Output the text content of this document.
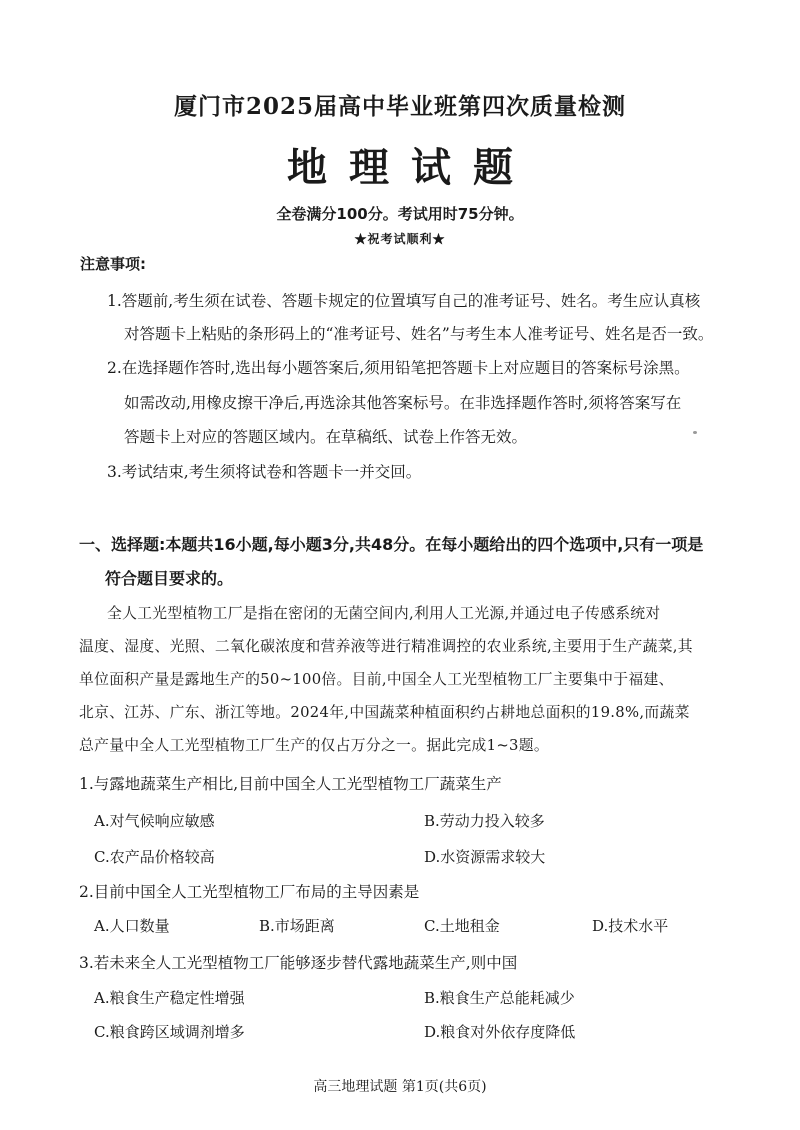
厦门市2025届高中毕业班第四次质量检测
地理试题
全卷满分100分。考试用时75分钟。
★祝考试顺利★
注意事项:
1.答题前,考生须在试卷、答题卡规定的位置填写自己的准考证号、姓名。考生应认真核
对答题卡上粘贴的条形码上的“准考证号、姓名”与考生本人准考证号、姓名是否一致。
2.在选择题作答时,选出每小题答案后,须用铅笔把答题卡上对应题目的答案标号涂黑。
如需改动,用橡皮擦干净后,再选涂其他答案标号。在非选择题作答时,须将答案写在
答题卡上对应的答题区域内。在草稿纸、试卷上作答无效。
3.考试结束,考生须将试卷和答题卡一并交回。
一、选择题:本题共16小题,每小题3分,共48分。在每小题给出的四个选项中,只有一项是
符合题目要求的。
全人工光型植物工厂是指在密闭的无菌空间内,利用人工光源,并通过电子传感系统对
温度、湿度、光照、二氧化碳浓度和营养液等进行精准调控的农业系统,主要用于生产蔬菜,其
单位面积产量是露地生产的50~100倍。目前,中国全人工光型植物工厂主要集中于福建、
北京、江苏、广东、浙江等地。2024年,中国蔬菜种植面积约占耕地总面积的19.8%,而蔬菜
总产量中全人工光型植物工厂生产的仅占万分之一。据此完成1~3题。
1.与露地蔬菜生产相比,目前中国全人工光型植物工厂蔬菜生产
A.对气候响应敏感	B.劳动力投入较多
C.农产品价格较高	D.水资源需求较大
2.目前中国全人工光型植物工厂布局的主导因素是
A.人口数量	B.市场距离	C.土地租金	D.技术水平
3.若未来全人工光型植物工厂能够逐步替代露地蔬菜生产,则中国
A.粮食生产稳定性增强	B.粮食生产总能耗减少
C.粮食跨区域调剂增多	D.粮食对外依存度降低
高三地理试题 第1页(共6页)
